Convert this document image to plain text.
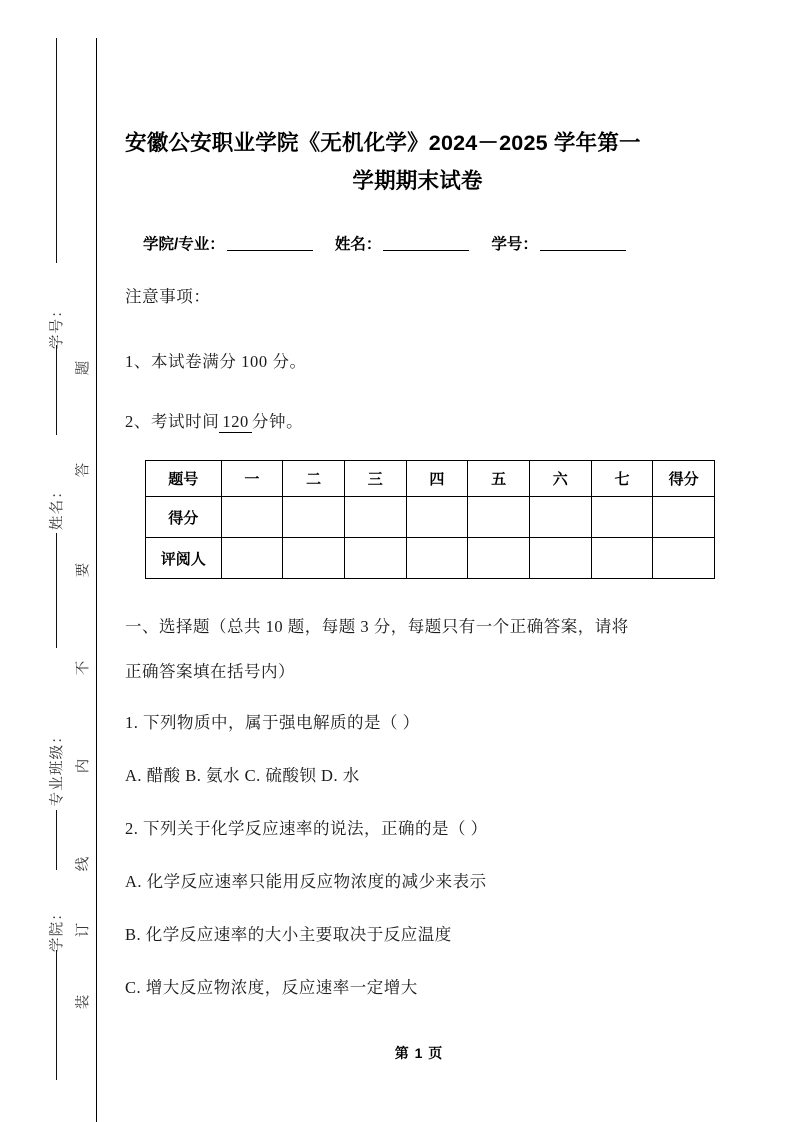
学号：
姓名：
专业班级：
学院：
题
答
要
不
内
线
订
装
安徽公安职业学院《无机化学》2024－2025 学年第一
学期期末试卷
学院/专业：	姓名：	学号：
注意事项：
1、本试卷满分 100 分。
2、考试时间 120 分钟。
题号	一	二	三	四	五	六	七	得分
得分								
评阅人								
一、选择题（总共 10 题，每题 3 分，每题只有一个正确答案，请将
正确答案填在括号内）
1. 下列物质中，属于强电解质的是（ ）
A. 醋酸 B. 氨水 C. 硫酸钡 D. 水
2. 下列关于化学反应速率的说法，正确的是（ ）
A. 化学反应速率只能用反应物浓度的减少来表示
B. 化学反应速率的大小主要取决于反应温度
C. 增大反应物浓度，反应速率一定增大
第 1 页
